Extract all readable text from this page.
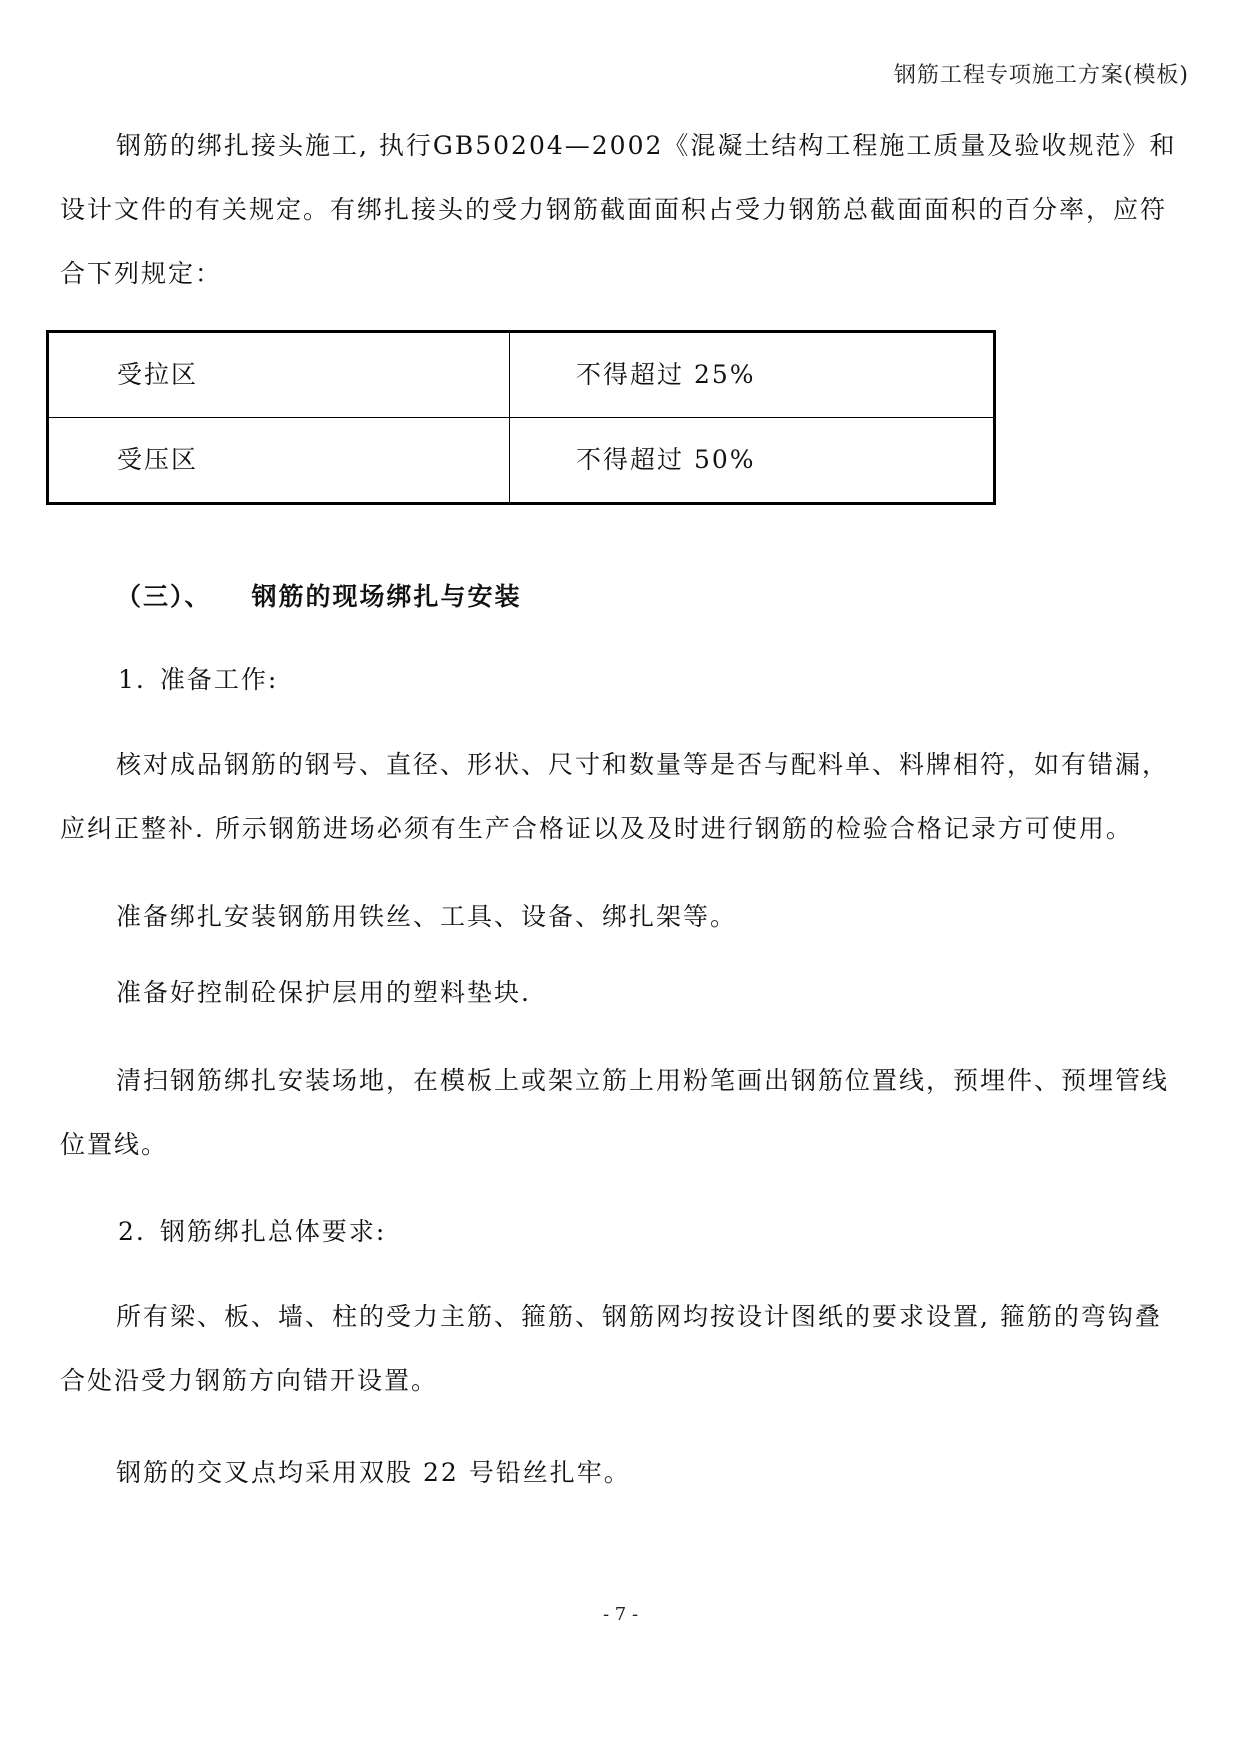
钢筋工程专项施工方案(模板)

钢筋的绑扎接头施工, 执行GB50204—2002《混凝土结构工程施工质量及验收规范》和设计文件的有关规定。有绑扎接头的受力钢筋截面面积占受力钢筋总截面面积的百分率，应符合下列规定：

受拉区	不得超过 25%
受压区	不得超过 50%
（三）、 钢筋的现场绑扎与安装
1. 准备工作:

核对成品钢筋的钢号、直径、形状、尺寸和数量等是否与配料单、料牌相符，如有错漏，应纠正整补. 所示钢筋进场必须有生产合格证以及及时进行钢筋的检验合格记录方可使用。

准备绑扎安装钢筋用铁丝、工具、设备、绑扎架等。

准备好控制砼保护层用的塑料垫块.

清扫钢筋绑扎安装场地，在模板上或架立筋上用粉笔画出钢筋位置线，预埋件、预埋管线位置线。

2. 钢筋绑扎总体要求:

所有梁、板、墙、柱的受力主筋、箍筋、钢筋网均按设计图纸的要求设置, 箍筋的弯钩叠合处沿受力钢筋方向错开设置。

钢筋的交叉点均采用双股 22 号铅丝扎牢。

- 7 -
